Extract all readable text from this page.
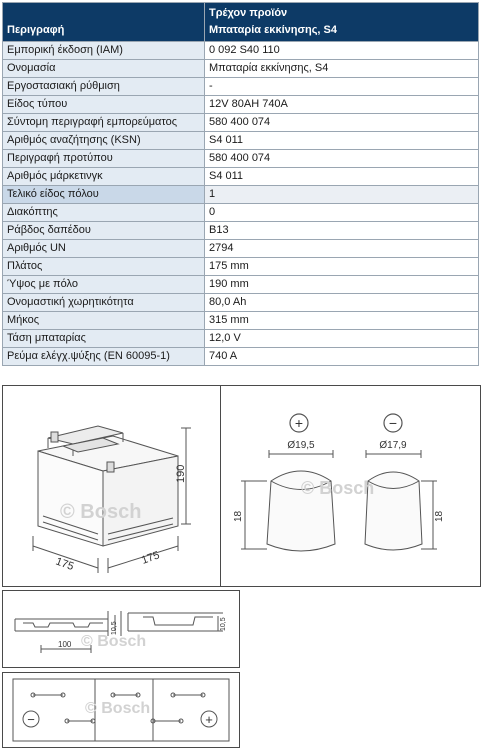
Περιγραφή	Τρέχον προϊόν
Μπαταρία εκκίνησης, S4

Εμπορική έκδοση (IAM)	0 092 S40 110
Ονομασία	Μπαταρία εκκίνησης, S4
Εργοστασιακή ρύθμιση	-
Είδος τύπου	12V 80AH 740A
Σύντομη περιγραφή εμπορεύματος	580 400 074
Αριθμός αναζήτησης (KSN)	S4 011
Περιγραφή προτύπου	580 400 074
Αριθμός μάρκετινγκ	S4 011
Τελικό είδος πόλου	1
Διακόπτης	0
Ράβδος δαπέδου	B13
Αριθμός UN	2794
Πλάτος	175 mm
Ύψος με πόλο	190 mm
Ονομαστική χωρητικότητα	80,0 Ah
Μήκος	315 mm
Τάση μπαταρίας	12,0 V
Ρεύμα ελέγχ.ψύξης (EN 60095-1)	740 A
© Bosch
190
175	175
+	−
Ø19,5	Ø17,9
© Bosch
18	18
© Bosch
100
10,5	10,5
−	+
© Bosch
